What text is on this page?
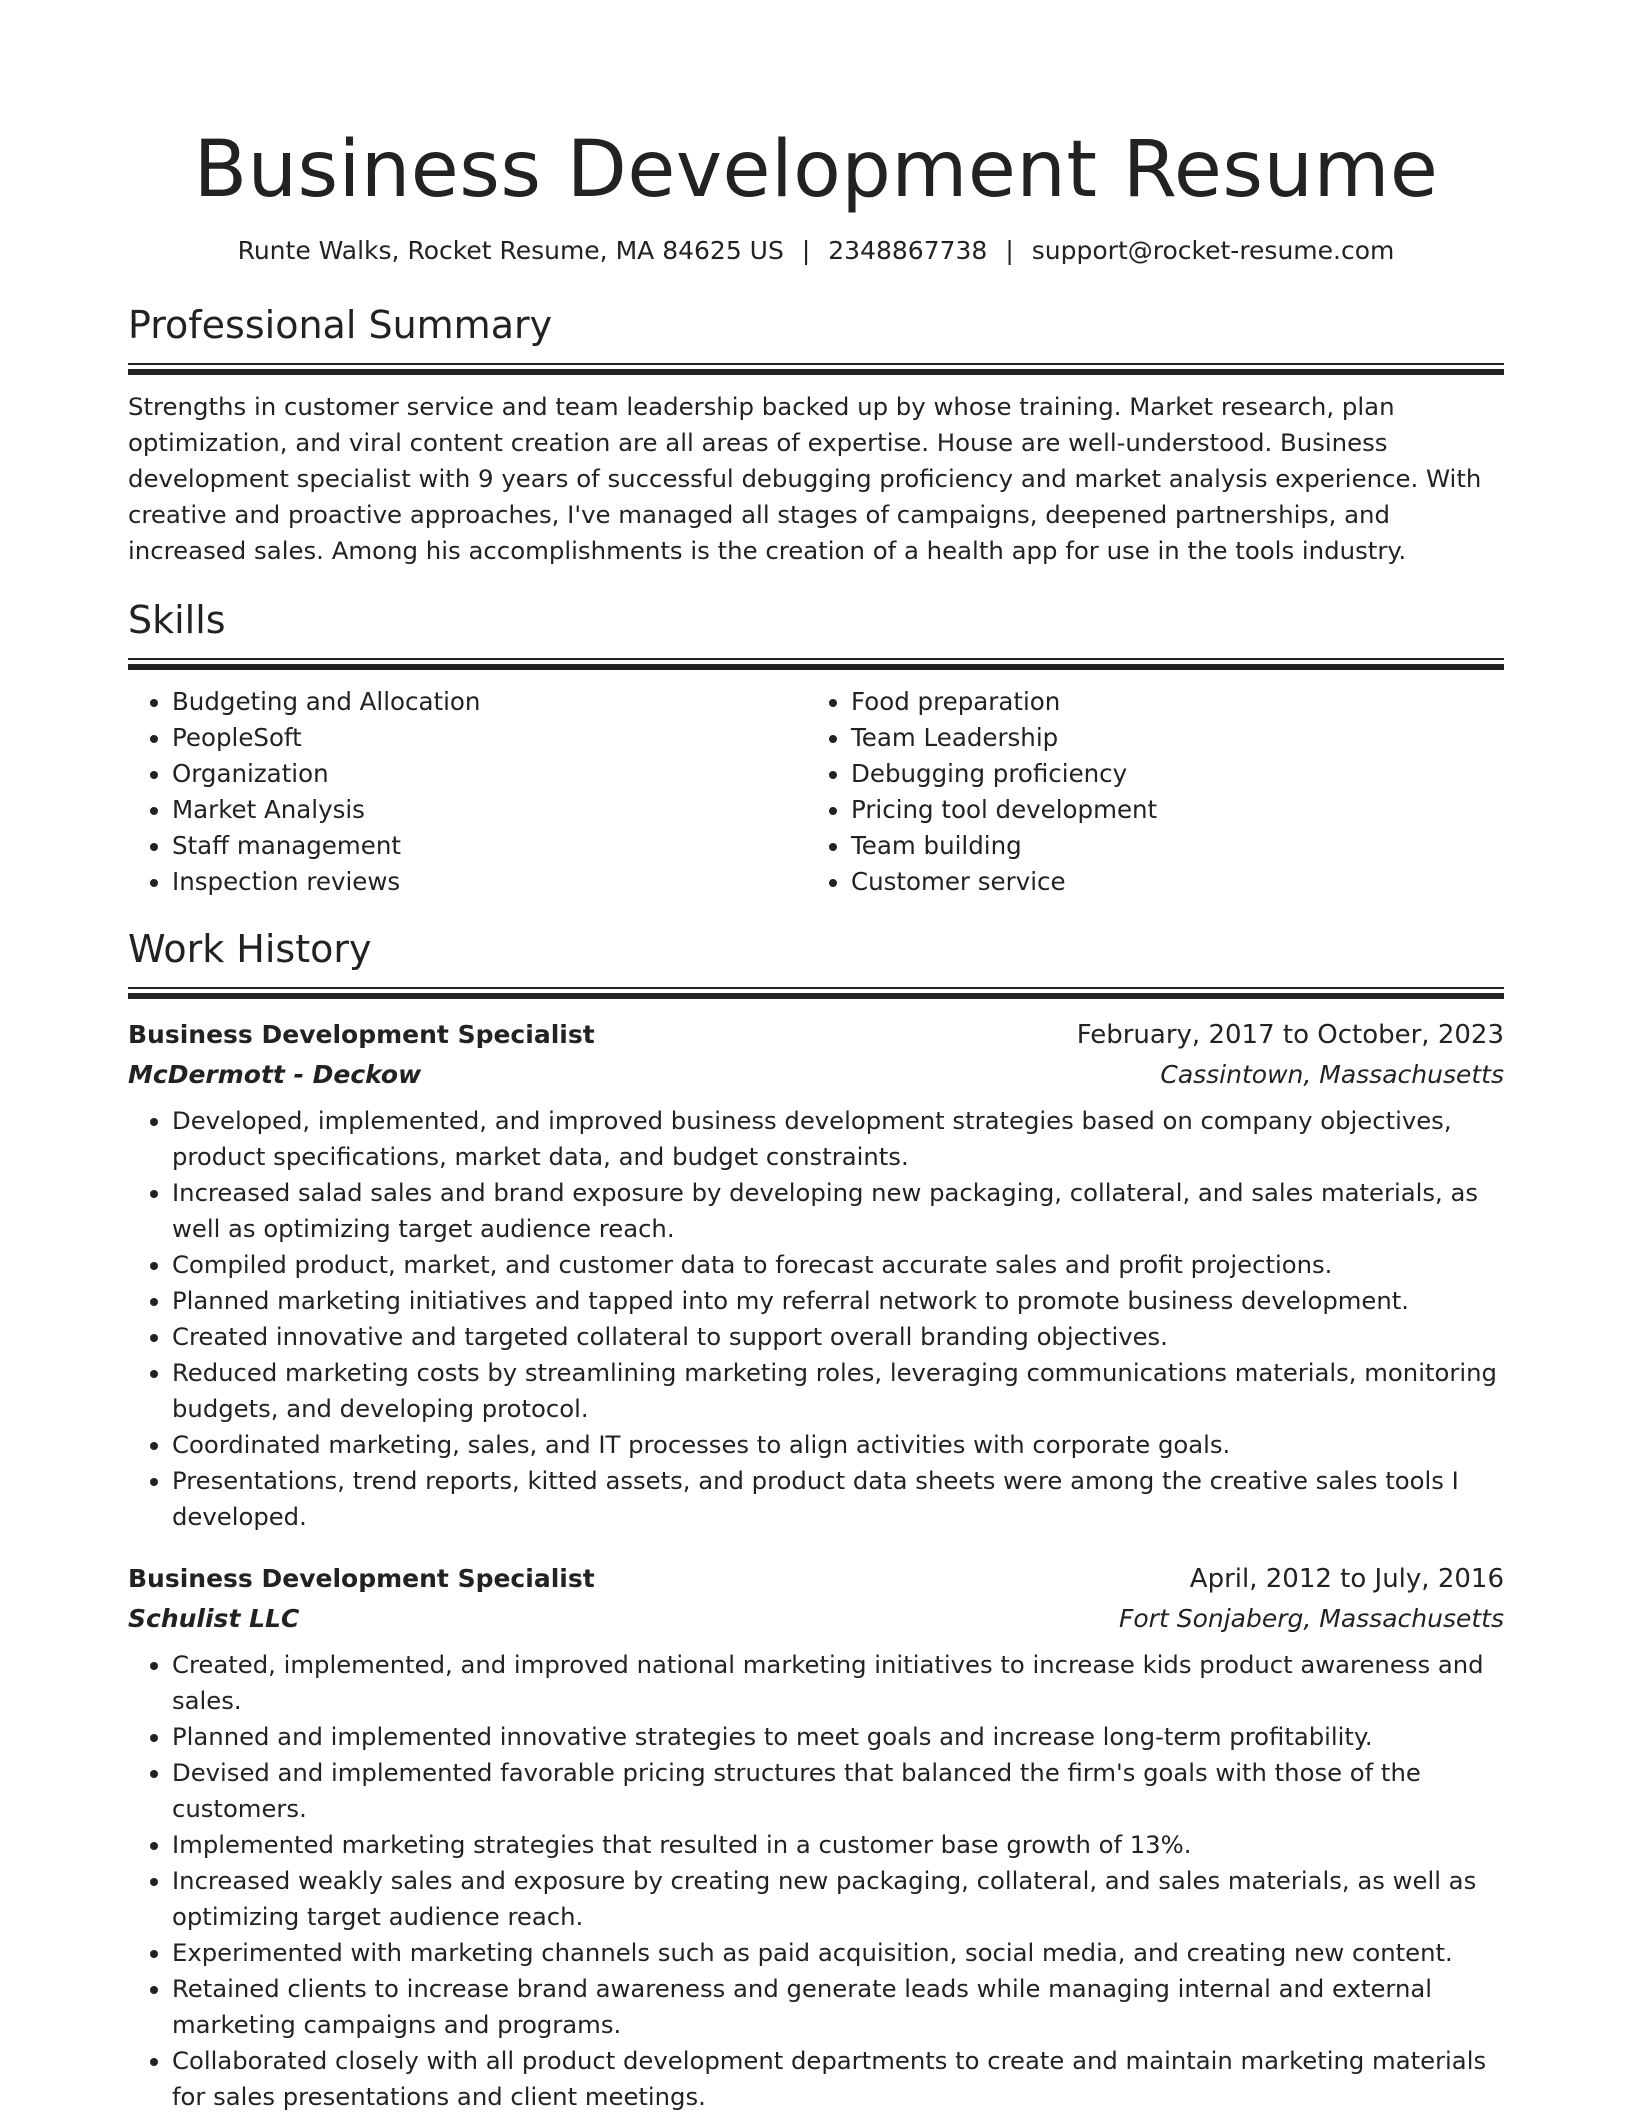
Business Development Resume
Runte Walks, Rocket Resume, MA 84625 US | 2348867738 | support@rocket-resume.com
Professional Summary
Strengths in customer service and team leadership backed up by whose training. Market research, plan optimization, and viral content creation are all areas of expertise. House are well-understood. Business development specialist with 9 years of successful debugging proficiency and market analysis experience. With creative and proactive approaches, I've managed all stages of campaigns, deepened partnerships, and increased sales. Among his accomplishments is the creation of a health app for use in the tools industry.
Skills
• Budgeting and Allocation
• PeopleSoft
• Organization
• Market Analysis
• Staff management
• Inspection reviews
• Food preparation
• Team Leadership
• Debugging proficiency
• Pricing tool development
• Team building
• Customer service
Work History
Business Development Specialist	February, 2017 to October, 2023
McDermott - Deckow	Cassintown, Massachusetts
• Developed, implemented, and improved business development strategies based on company objectives, product specifications, market data, and budget constraints.
• Increased salad sales and brand exposure by developing new packaging, collateral, and sales materials, as well as optimizing target audience reach.
• Compiled product, market, and customer data to forecast accurate sales and profit projections.
• Planned marketing initiatives and tapped into my referral network to promote business development.
• Created innovative and targeted collateral to support overall branding objectives.
• Reduced marketing costs by streamlining marketing roles, leveraging communications materials, monitoring budgets, and developing protocol.
• Coordinated marketing, sales, and IT processes to align activities with corporate goals.
• Presentations, trend reports, kitted assets, and product data sheets were among the creative sales tools I developed.
Business Development Specialist	April, 2012 to July, 2016
Schulist LLC	Fort Sonjaberg, Massachusetts
• Created, implemented, and improved national marketing initiatives to increase kids product awareness and sales.
• Planned and implemented innovative strategies to meet goals and increase long-term profitability.
• Devised and implemented favorable pricing structures that balanced the firm's goals with those of the customers.
• Implemented marketing strategies that resulted in a customer base growth of 13%.
• Increased weakly sales and exposure by creating new packaging, collateral, and sales materials, as well as optimizing target audience reach.
• Experimented with marketing channels such as paid acquisition, social media, and creating new content.
• Retained clients to increase brand awareness and generate leads while managing internal and external marketing campaigns and programs.
• Collaborated closely with all product development departments to create and maintain marketing materials for sales presentations and client meetings.
